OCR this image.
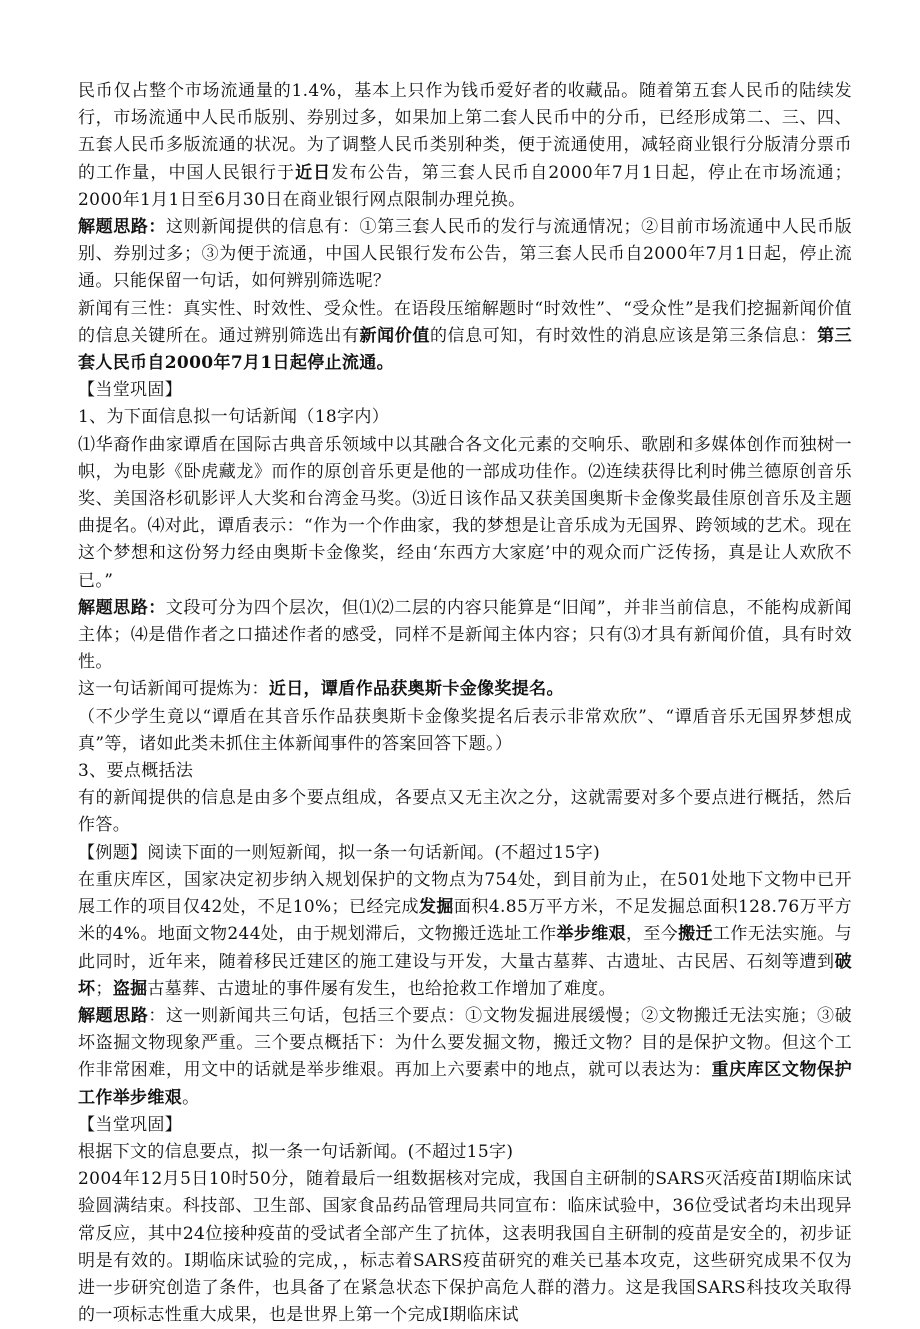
民币仅占整个市场流通量的1.4%，基本上只作为钱币爱好者的收藏品。随着第五套人民币的陆续发行，市场流通中人民币版别、券别过多，如果加上第二套人民币中的分币，已经形成第二、三、四、五套人民币多版流通的状况。为了调整人民币类别种类，便于流通使用，减轻商业银行分版清分票币的工作量，中国人民银行于近日发布公告，第三套人民币自2000年7月1日起，停止在市场流通；2000年1月1日至6月30日在商业银行网点限制办理兑换。

解题思路：这则新闻提供的信息有：①第三套人民币的发行与流通情况；②目前市场流通中人民币版别、券别过多；③为便于流通，中国人民银行发布公告，第三套人民币自2000年7月1日起，停止流通。只能保留一句话，如何辨别筛选呢？

新闻有三性：真实性、时效性、受众性。在语段压缩解题时“时效性”、“受众性”是我们挖掘新闻价值的信息关键所在。通过辨别筛选出有新闻价值的信息可知，有时效性的消息应该是第三条信息：第三套人民币自2000年7月1日起停止流通。

【当堂巩固】

1、为下面信息拟一句话新闻（18字内）

⑴华裔作曲家谭盾在国际古典音乐领域中以其融合各文化元素的交响乐、歌剧和多媒体创作而独树一帜，为电影《卧虎藏龙》而作的原创音乐更是他的一部成功佳作。⑵连续获得比利时佛兰德原创音乐奖、美国洛杉矶影评人大奖和台湾金马奖。⑶近日该作品又获美国奥斯卡金像奖最佳原创音乐及主题曲提名。⑷对此，谭盾表示：“作为一个作曲家，我的梦想是让音乐成为无国界、跨领域的艺术。现在这个梦想和这份努力经由奥斯卡金像奖，经由‘东西方大家庭’中的观众而广泛传扬，真是让人欢欣不已。”

解题思路：文段可分为四个层次，但⑴⑵二层的内容只能算是“旧闻”，并非当前信息，不能构成新闻主体；⑷是借作者之口描述作者的感受，同样不是新闻主体内容；只有⑶才具有新闻价值，具有时效性。

这一句话新闻可提炼为：近日，谭盾作品获奥斯卡金像奖提名。

（不少学生竟以“谭盾在其音乐作品获奥斯卡金像奖提名后表示非常欢欣”、“谭盾音乐无国界梦想成真”等，诸如此类未抓住主体新闻事件的答案回答下题。）

3、要点概括法

有的新闻提供的信息是由多个要点组成，各要点又无主次之分，这就需要对多个要点进行概括，然后作答。

【例题】阅读下面的一则短新闻，拟一条一句话新闻。(不超过15字)

在重庆库区，国家决定初步纳入规划保护的文物点为754处，到目前为止，在501处地下文物中已开展工作的项目仅42处，不足10%；已经完成发掘面积4.85万平方米，不足发掘总面积128.76万平方米的4%。地面文物244处，由于规划滞后，文物搬迁选址工作举步维艰，至今搬迁工作无法实施。与此同时，近年来，随着移民迁建区的施工建设与开发，大量古墓葬、古遗址、古民居、石刻等遭到破坏；盗掘古墓葬、古遗址的事件屡有发生，也给抢救工作增加了难度。

解题思路：这一则新闻共三句话，包括三个要点：①文物发掘进展缓慢；②文物搬迁无法实施；③破坏盗掘文物现象严重。三个要点概括下：为什么要发掘文物，搬迁文物？目的是保护文物。但这个工作非常困难，用文中的话就是举步维艰。再加上六要素中的地点，就可以表达为：重庆库区文物保护工作举步维艰。

【当堂巩固】

根据下文的信息要点，拟一条一句话新闻。(不超过15字)

2004年12月5日10时50分，随着最后一组数据核对完成，我国自主研制的SARS灭活疫苗Ⅰ期临床试验圆满结束。科技部、卫生部、国家食品药品管理局共同宣布：临床试验中，36位受试者均未出现异常反应，其中24位接种疫苗的受试者全部产生了抗体，这表明我国自主研制的疫苗是安全的，初步证明是有效的。Ⅰ期临床试验的完成，，标志着SARS疫苗研究的难关已基本攻克，这些研究成果不仅为进一步研究创造了条件，也具备了在紧急状态下保护高危人群的潜力。这是我国SARS科技攻关取得的一项标志性重大成果，也是世界上第一个完成Ⅰ期临床试
